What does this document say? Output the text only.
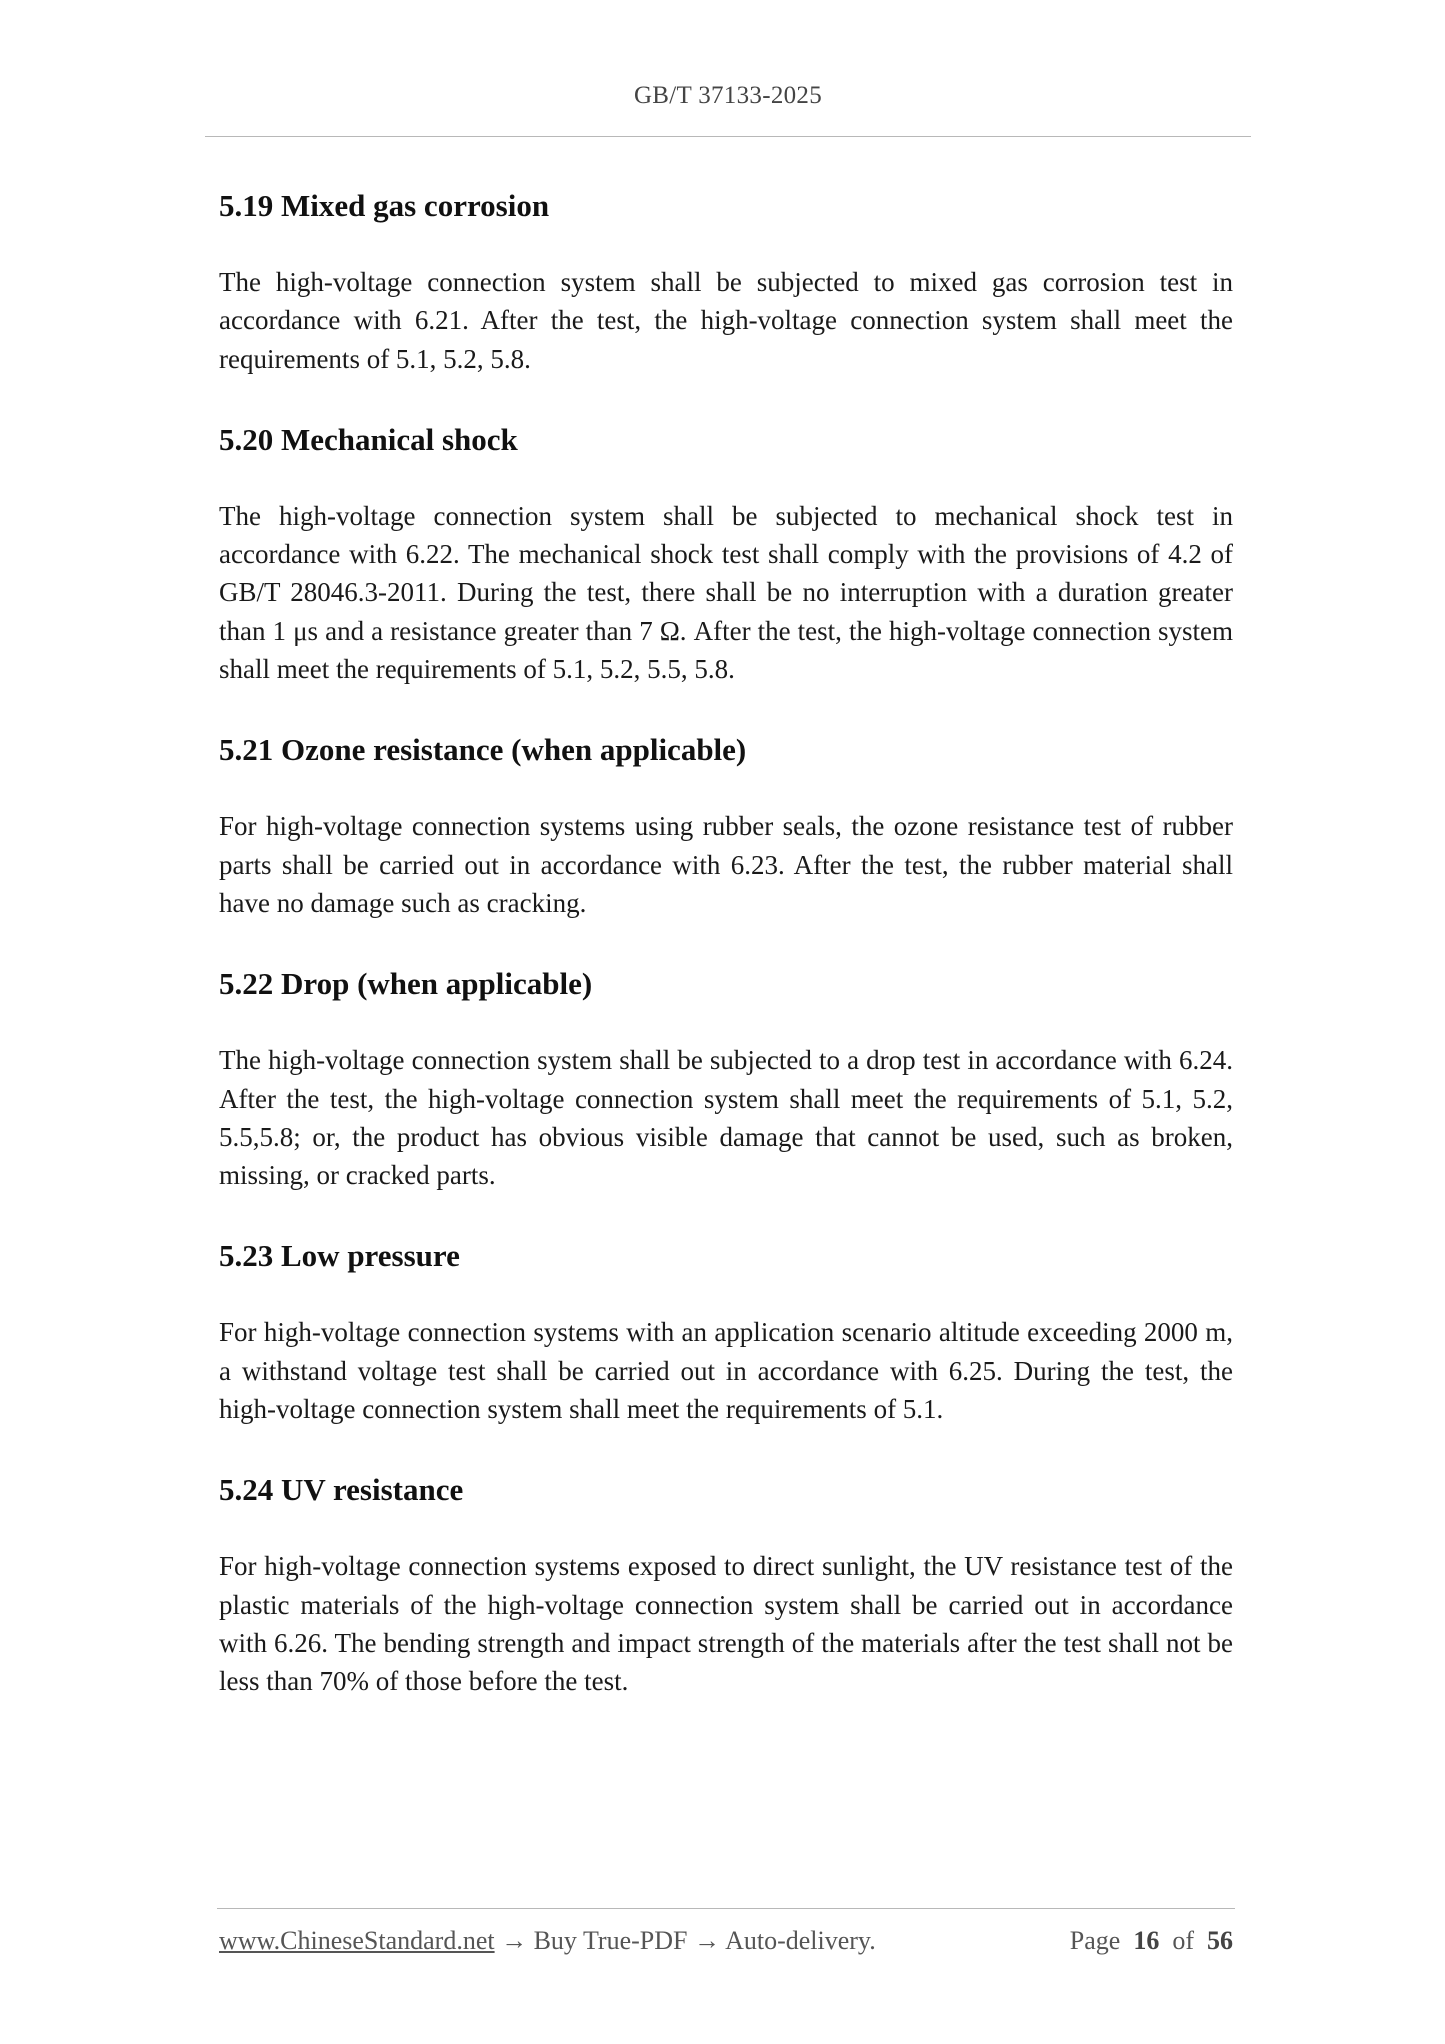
GB/T 37133-2025
5.19 Mixed gas corrosion

The high-voltage connection system shall be subjected to mixed gas corrosion test in accordance with 6.21. After the test, the high-voltage connection system shall meet the requirements of 5.1, 5.2, 5.8.

5.20 Mechanical shock

The high-voltage connection system shall be subjected to mechanical shock test in accordance with 6.22. The mechanical shock test shall comply with the provisions of 4.2 of GB/T 28046.3-2011. During the test, there shall be no interruption with a duration greater than 1 μs and a resistance greater than 7 Ω. After the test, the high-voltage connection system shall meet the requirements of 5.1, 5.2, 5.5, 5.8.

5.21 Ozone resistance (when applicable)

For high-voltage connection systems using rubber seals, the ozone resistance test of rubber parts shall be carried out in accordance with 6.23. After the test, the rubber material shall have no damage such as cracking.

5.22 Drop (when applicable)

The high-voltage connection system shall be subjected to a drop test in accordance with 6.24. After the test, the high-voltage connection system shall meet the requirements of 5.1, 5.2, 5.5,5.8; or, the product has obvious visible damage that cannot be used, such as broken, missing, or cracked parts.

5.23 Low pressure

For high-voltage connection systems with an application scenario altitude exceeding 2000 m, a withstand voltage test shall be carried out in accordance with 6.25. During the test, the high-voltage connection system shall meet the requirements of 5.1.

5.24 UV resistance

For high-voltage connection systems exposed to direct sunlight, the UV resistance test of the plastic materials of the high-voltage connection system shall be carried out in accordance with 6.26. The bending strength and impact strength of the materials after the test shall not be less than 70% of those before the test.

www.ChineseStandard.net → Buy True-PDF → Auto-delivery.	Page 16 of 56
